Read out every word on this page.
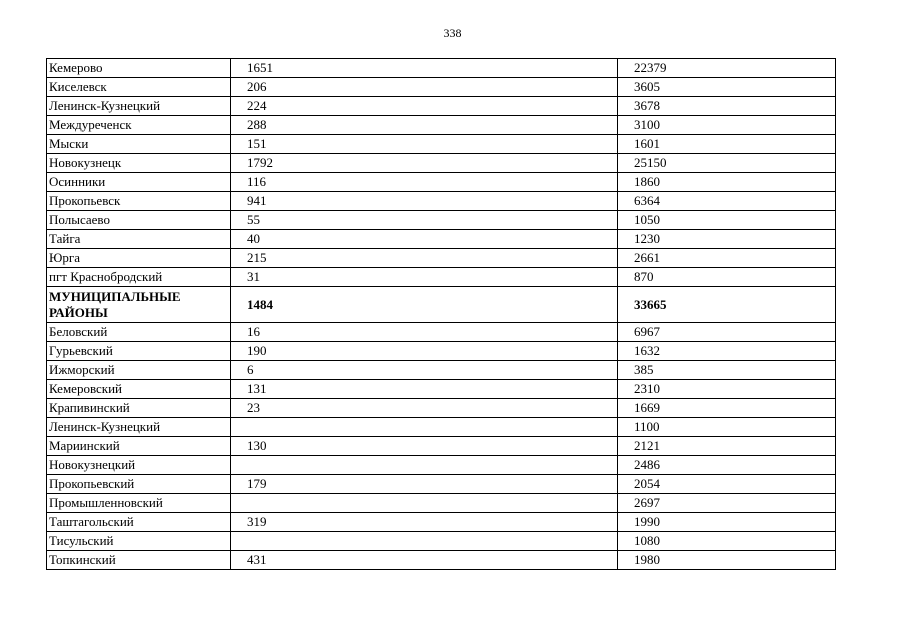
338
Кемерово	1651	22379
Киселевск	206	3605
Ленинск-Кузнецкий	224	3678
Междуреченск	288	3100
Мыски	151	1601
Новокузнецк	1792	25150
Осинники	116	1860
Прокопьевск	941	6364
Полысаево	55	1050
Тайга	40	1230
Юрга	215	2661
пгт Краснобродский	31	870
МУНИЦИПАЛЬНЫЕ РАЙОНЫ	1484	33665
Беловский	16	6967
Гурьевский	190	1632
Ижморский	6	385
Кемеровский	131	2310
Крапивинский	23	1669
Ленинск-Кузнецкий		1100
Мариинский	130	2121
Новокузнецкий		2486
Прокопьевский	179	2054
Промышленновский		2697
Таштагольский	319	1990
Тисульский		1080
Топкинский	431	1980
